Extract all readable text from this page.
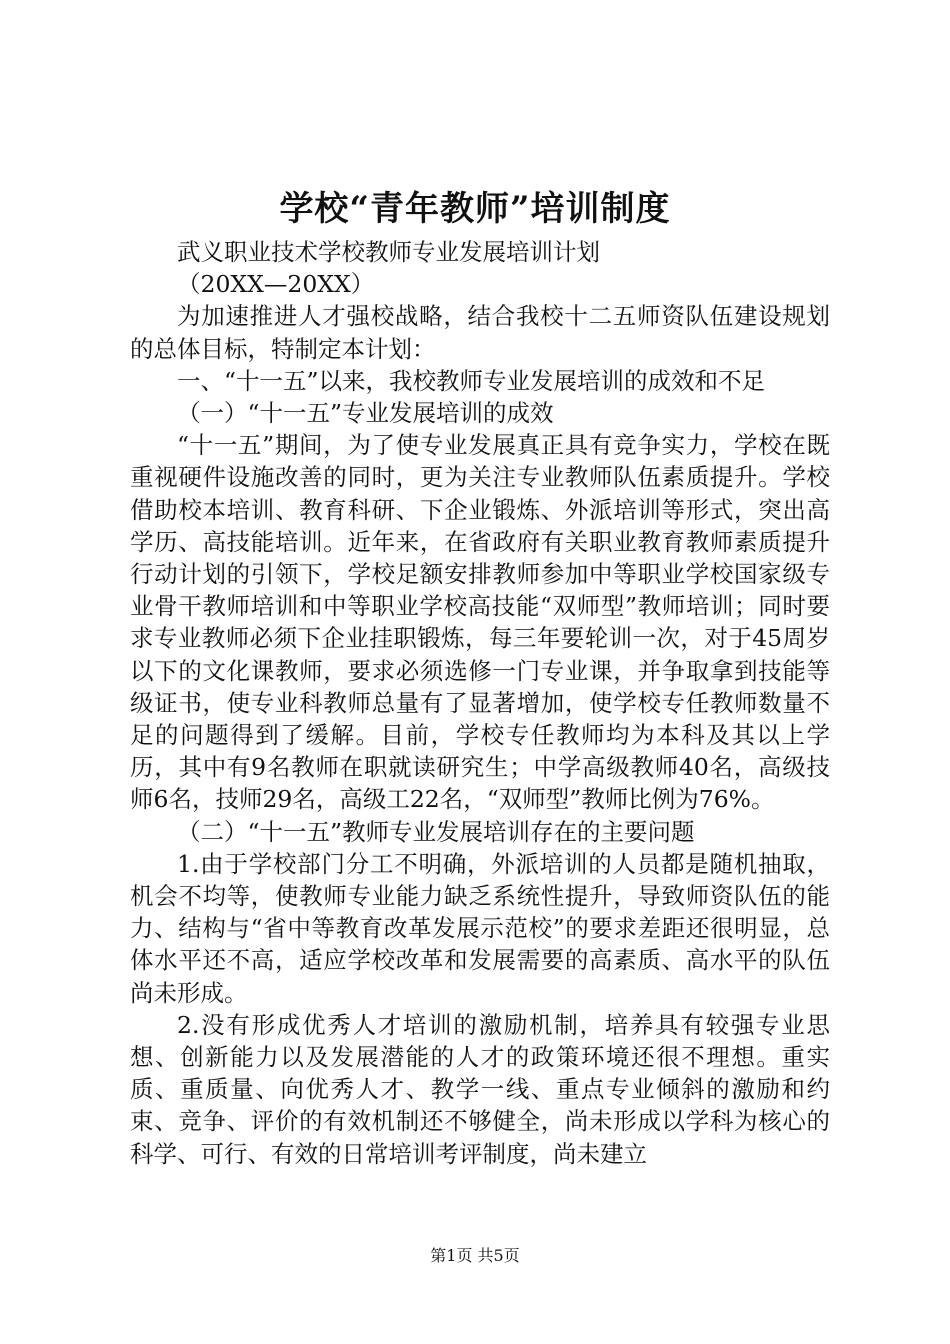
学校“青年教师”培训制度

武义职业技术学校教师专业发展培训计划

（20XX—20XX）

为加速推进人才强校战略，结合我校十二五师资队伍建设规划的总体目标，特制定本计划：

一、“十一五”以来，我校教师专业发展培训的成效和不足

（一）“十一五”专业发展培训的成效

“十一五”期间，为了使专业发展真正具有竞争实力，学校在既重视硬件设施改善的同时，更为关注专业教师队伍素质提升。学校借助校本培训、教育科研、下企业锻炼、外派培训等形式，突出高学历、高技能培训。近年来，在省政府有关职业教育教师素质提升行动计划的引领下，学校足额安排教师参加中等职业学校国家级专业骨干教师培训和中等职业学校高技能“双师型”教师培训；同时要求专业教师必须下企业挂职锻炼，每三年要轮训一次，对于45周岁以下的文化课教师，要求必须选修一门专业课，并争取拿到技能等级证书，使专业科教师总量有了显著增加，使学校专任教师数量不足的问题得到了缓解。目前，学校专任教师均为本科及其以上学历，其中有9名教师在职就读研究生；中学高级教师40名，高级技师6名，技师29名，高级工22名，“双师型”教师比例为76%。

（二）“十一五”教师专业发展培训存在的主要问题

1.由于学校部门分工不明确，外派培训的人员都是随机抽取，机会不均等，使教师专业能力缺乏系统性提升，导致师资队伍的能力、结构与“省中等教育改革发展示范校”的要求差距还很明显，总体水平还不高，适应学校改革和发展需要的高素质、高水平的队伍尚未形成。

2.没有形成优秀人才培训的激励机制，培养具有较强专业思想、创新能力以及发展潜能的人才的政策环境还很不理想。重实质、重质量、向优秀人才、教学一线、重点专业倾斜的激励和约束、竞争、评价的有效机制还不够健全，尚未形成以学科为核心的科学、可行、有效的日常培训考评制度，尚未建立

第1页 共5页
